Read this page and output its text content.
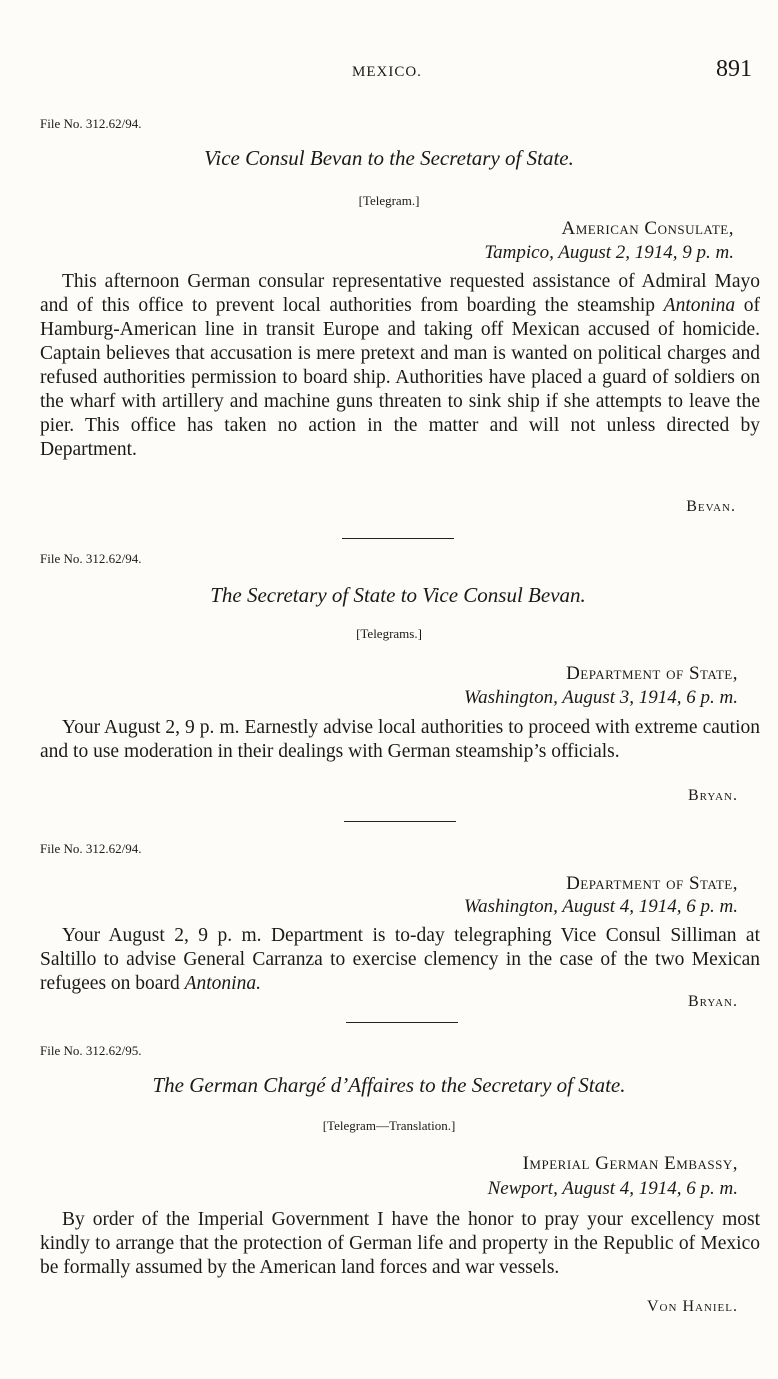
MEXICO.	891
File No. 312.62/94.
Vice Consul Bevan to the Secretary of State.
[Telegram.]
American Consulate,
Tampico, August 2, 1914, 9 p. m.

This afternoon German consular representative requested assistance of Admiral Mayo and of this office to prevent local authorities from boarding the steamship Antonina of Hamburg-American line in transit Europe and taking off Mexican accused of homicide. Captain believes that accusation is mere pretext and man is wanted on political charges and refused authorities permission to board ship. Authorities have placed a guard of soldiers on the wharf with artillery and machine guns threaten to sink ship if she attempts to leave the pier. This office has taken no action in the matter and will not unless directed by Department.

Bevan.
File No. 312.62/94.
The Secretary of State to Vice Consul Bevan.
[Telegrams.]
Department of State,
Washington, August 3, 1914, 6 p. m.

Your August 2, 9 p. m. Earnestly advise local authorities to proceed with extreme caution and to use moderation in their dealings with German steamship’s officials.

Bryan.
File No. 312.62/94.
Department of State,
Washington, August 4, 1914, 6 p. m.

Your August 2, 9 p. m. Department is to-day telegraphing Vice Consul Silliman at Saltillo to advise General Carranza to exercise clemency in the case of the two Mexican refugees on board Antonina.

Bryan.
File No. 312.62/95.
The German Chargé d’Affaires to the Secretary of State.
[Telegram—Translation.]
Imperial German Embassy,
Newport, August 4, 1914, 6 p. m.

By order of the Imperial Government I have the honor to pray your excellency most kindly to arrange that the protection of German life and property in the Republic of Mexico be formally assumed by the American land forces and war vessels.

Von Haniel.
